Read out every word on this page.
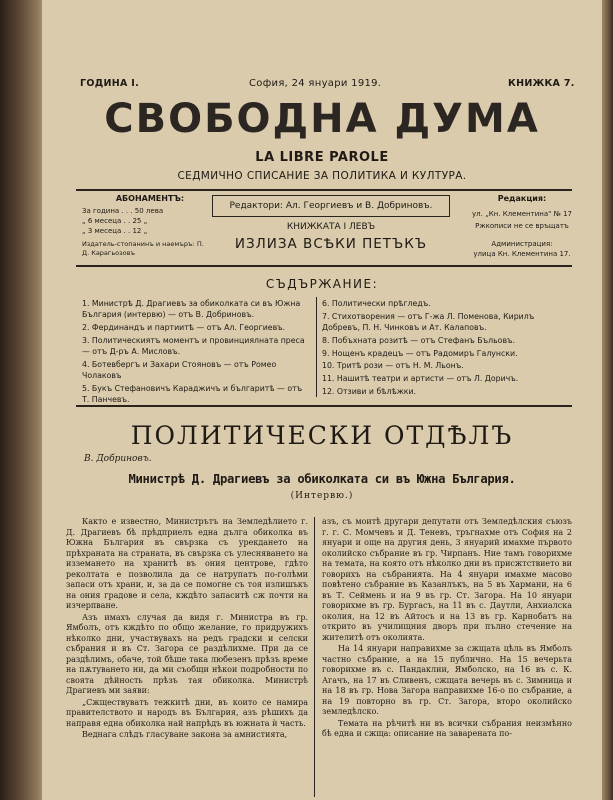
ГОДИНА I.	София, 24 януари 1919.	КНИЖКА 7.
СВОБОДНА ДУМА
LA LIBRE PAROLE
СЕДМИЧНО СПИСАНИЕ ЗА ПОЛИТИКА И КУЛТУРА.
АБОНАМЕНТЪ:
За година . . . 50 лева
„ 6 месеца . . 25 „
„ 3 месеца . . 12 „
Издатель-стопанинъ и наемъръ: П. Д. Карагьозовъ
Редактори: Ал. Георгиевъ и В. Добриновъ.
КНИЖКАТА I ЛЕВЪ
ИЗЛИЗА ВСѢКИ ПЕТЪКЪ
Редакция:
ул. „Кн. Клементина" № 17
Ржкописи не се връщатъ
Администрация:
улица Кн. Клементина 17.
СЪДЪРЖАНИЕ:
1. Министрѣ Д. Драгиевъ за обиколката си въ Южна България (интервю) — отъ В. Добриновъ.
2. Фердинандъ и партиитѣ — отъ Ал. Георгиевъ.
3. Политическиятъ моментъ и провинциялната преса — отъ Д-ръ А. Мисловъ.
4. Ботевбергъ и Захари Стояновъ — отъ Ромео Чолаковъ
5. Букъ Стефановичъ Караджичъ и българитѣ — отъ Т. Панчевъ.
6. Политически прѣгледъ.
7. Стихотворения — отъ Г-жа Л. Поменова, Кирилъ Добревъ, П. Н. Чинковъ и Ат. Калаповъ.
8. Побъхната розитѣ — отъ Стефанъ Бъльовъ.
9. Нощенъ крадецъ — отъ Радомиръ Галунски.
10. Тритѣ рози — отъ Н. М. Льонъ.
11. Нашитѣ театри и артисти — отъ Л. Доричъ.
12. Отзиви и бѣлѣжки.
ПОЛИТИЧЕСКИ ОТДѢЛЪ
В. Добриновъ.
Министрѣ Д. Драгиевъ за обиколката си въ Южна България.
(Интервю.)

Както е известно, Министрътъ на Земледѣлието г. Д. Драгиевъ бѣ прѣдприелъ една дълга обиколка въ Южна България въ свързка съ урекдането на прѣхраната на страната, въ свързка съ улесняването на изземането на хранитѣ въ ония центрове, гдѣто реколтата е позволила да се натрупатъ по-голѣми запаси отъ храни, и, за да се помогне съ тоя излишъкъ на ония градове и села, кждѣто запаситѣ сж почти на изчерпване.

Азъ имахъ случая да видя г. Министра въ гр. Ямболъ, отъ кждѣто по общо желание, го придружихъ нѣколко дни, участвувахъ на редъ градски и селски събрания и въ Ст. Загора се раздѣлихме. При да се раздѣлимъ, обаче, той бѣше така любезенъ прѣзъ време на пѫтуването ни, да ми съобщи нѣкои подробности по своята дѣйность прѣзъ тая обиколка. Министрѣ Драгиевъ ми заяви:

„Сжществуватъ тежкитѣ дни, въ които се намира правителството и народъ въ България, азъ рѣшихъ да направя една обиколка най напрѣдъ въ южната ѝ часть.

Веднага слѣдъ гласуване закона за амнистията,

азъ, съ моитѣ другари депутати отъ Земледѣлския съюзъ г. г. С. Момчевъ и Д. Теневъ, тръгнахме отъ София на 2 януари и още на другия день, 3 януарий имахме първото околийско събрание въ гр. Чирпанъ. Ние тамъ говорихме на темата, на която отъ нѣколко дни въ присжтствието ви говорихъ на събранията. На 4 януари имахме масово повѣтено събрание въ Казанлъкъ, на 5 въ Хармани, на 6 въ Т. Сеймень и на 9 въ гр. Ст. Загора. На 10 януари говорихме въ гр. Бургасъ, на 11 въ с. Даутли, Анхиалска околия, на 12 въ Айтосъ и на 13 въ гр. Карнобатъ на открито въ училищния дворъ при пълно стечение на жителитѣ отъ околията.

На 14 януари направихме за сжщата цѣль въ Ямболъ частно събрание, а на 15 публично. На 15 вечерьта говорихме въ с. Пандаклии, Ямболско, на 16 въ с. К. Агачъ, на 17 въ Сливенъ, сжщата вечерь въ с. Зимница и на 18 въ гр. Нова Загора направихме 16-о по събрание, а на 19 повторно въ гр. Ст. Загора, второ околийско земледѣлско.

Темата на рѣчитѣ ни въ всички събрания неизмѣнно бѣ една и сжща: описание на заварената по-
